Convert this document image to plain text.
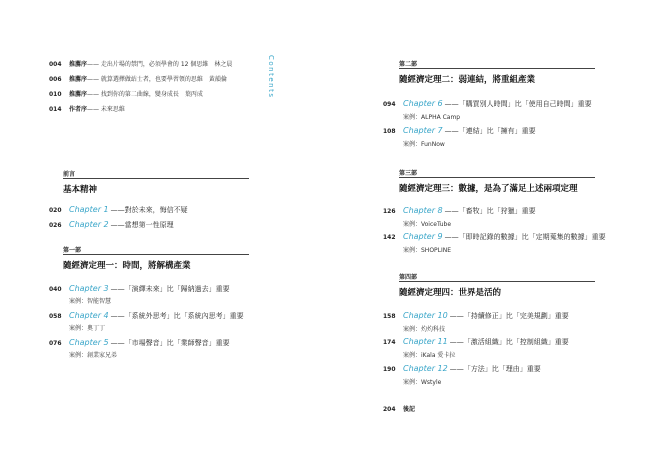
Contents
004	推薦序 —— 走出片場的禁門，必須學會的 12 個思維　林之晨
006	推薦序 —— 就算選擇做站士者，也要學習領的思維　黃韻倫
010	推薦序 —— 找到你的第二曲線，變身成長　葉丙成
014	作者序 —— 未來思維
前言
基本精神
020 Chapter 1 ——對於未來，悔信不疑
026 Chapter 2 ——當想第一性原理
第一部
隨經濟定理一：時間，將解構產業
040 Chapter 3 ——「演繹未來」比「歸納過去」重要
案例：智能智慧
058 Chapter 4 ——「系統外思考」比「系統內思考」重要
案例：奧丁丁
076 Chapter 5 ——「市場聲音」比「業師聲音」重要
案例：創業家兄弟
第二部
隨經濟定理二：弱連結，將重組產業
094 Chapter 6 ——「購買別人時間」比「使用自己時間」重要
案例：ALPHA Camp
108 Chapter 7 ——「連結」比「擁有」重要
案例：FunNow
第三部
隨經濟定理三：數據，是為了滿足上述兩項定理
126 Chapter 8 ——「畜牧」比「狩獵」重要
案例：VoiceTube
142 Chapter 9 ——「即時記錄的數據」比「定期蒐集的數據」重要
案例：SHOPLINE
第四部
隨經濟定理四：世界是活的
158 Chapter 10 ——「持續修正」比「完美規劃」重要
案例：灼灼科技
174 Chapter 11 ——「激活組織」比「控制組織」重要
案例：iKala 愛卡拉
190 Chapter 12 ——「方法」比「理由」重要
案例：Wstyle
204	後記
